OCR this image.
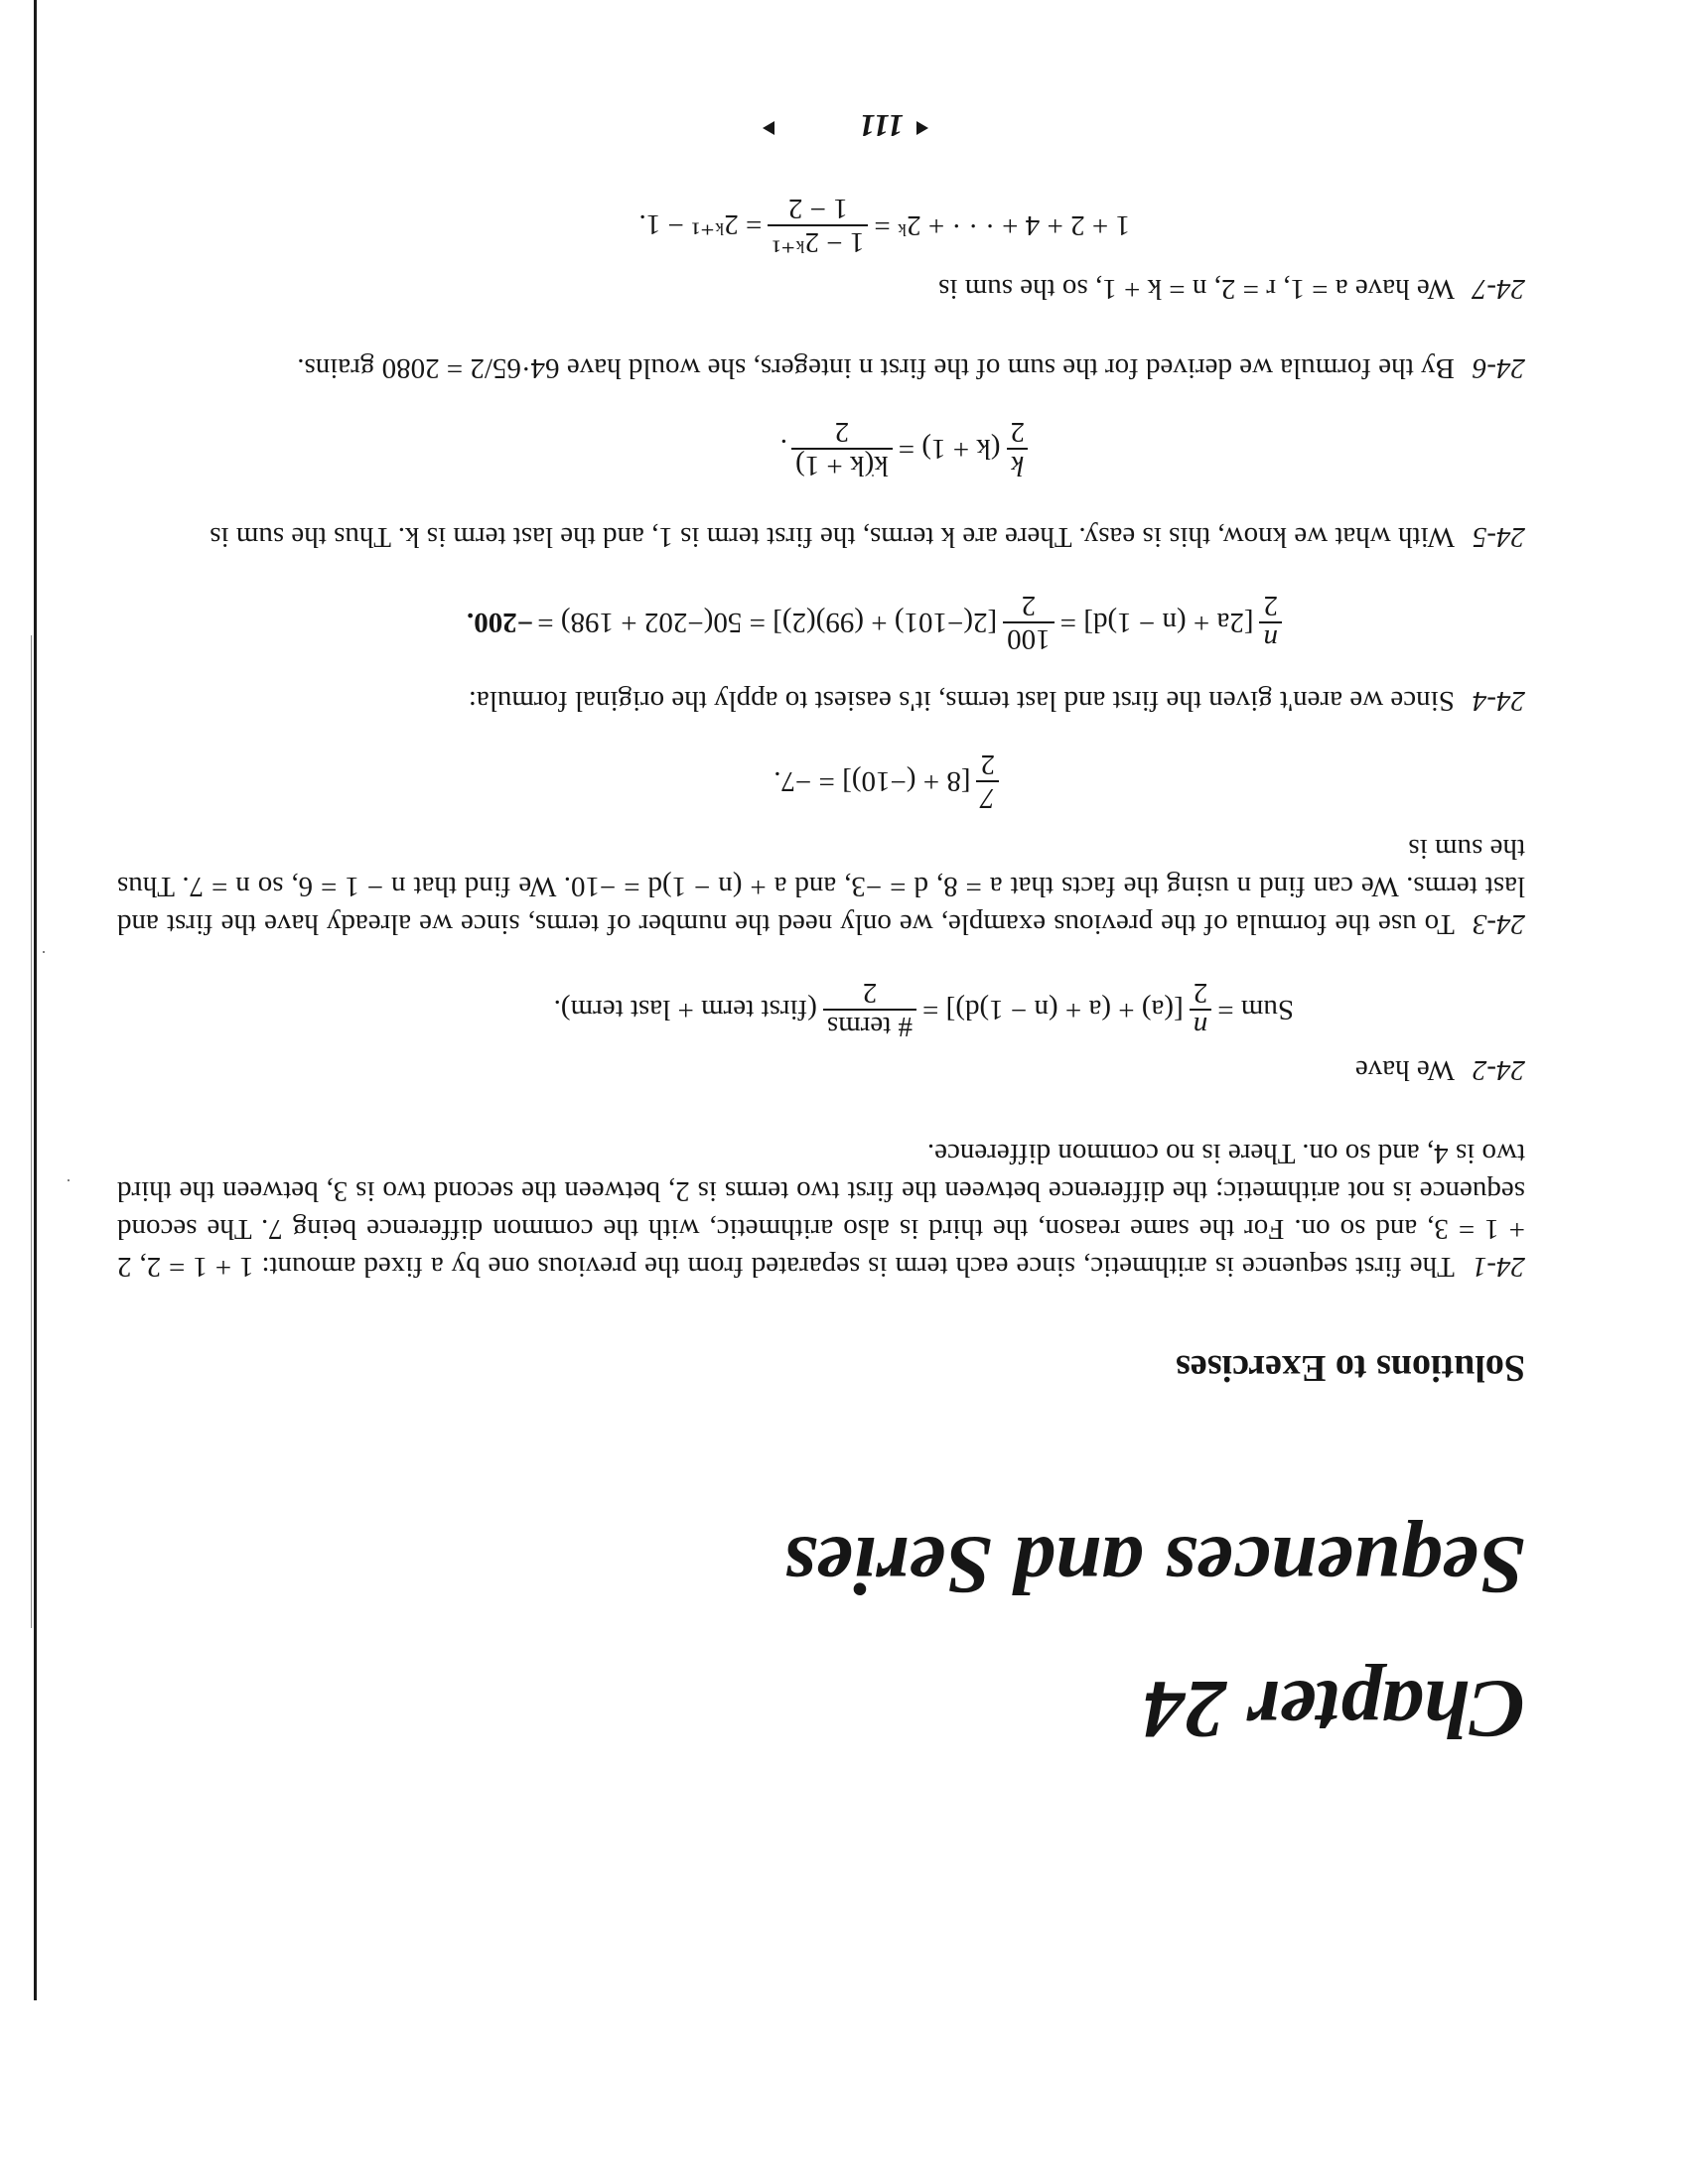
Chapter 24
Sequences and Series
Solutions to Exercises
24-1The first sequence is arithmetic, since each term is separated from the previous one by a fixed amount: 1 + 1 = 2, 2 + 1 = 3, and so on. For the same reason, the third is also arithmetic, with the common difference being 7. The second sequence is not arithmetic; the difference between the first two terms is 2, between the second two is 3, between the third two is 4, and so on. There is no common difference.
24-2We have
Sum =
n
2
[(a) + (a + (n − 1)d)] =
# terms
2
(first term + last term).
24-3To use the formula of the previous example, we only need the number of terms, since we already have the first and last terms. We can find n using the facts that a = 8, d = −3, and a + (n − 1)d = −10. We find that n − 1 = 6, so n = 7. Thus the sum is
7
2
[8 + (−10)] = −7.
24-4Since we aren't given the first and last terms, it's easiest to apply the original formula:
n
2
[2a + (n − 1)d] =
100
2
[2(−101) + (99)(2)] = 50(−202 + 198) =
−200.
24-5With what we know, this is easy. There are k terms, the first term is 1, and the last term is k. Thus the sum is
k
2
(k + 1) =
k(k + 1)
2
.
24-6By the formula we derived for the sum of the first n integers, she would have 64·65/2 = 2080 grains.
24-7We have a = 1, r = 2, n = k + 1, so the sum is
1 + 2 + 4 + · · · + 2ᵏ =
1 − 2ᵏ⁺¹
1 − 2
= 2ᵏ⁺¹ − 1.
111
